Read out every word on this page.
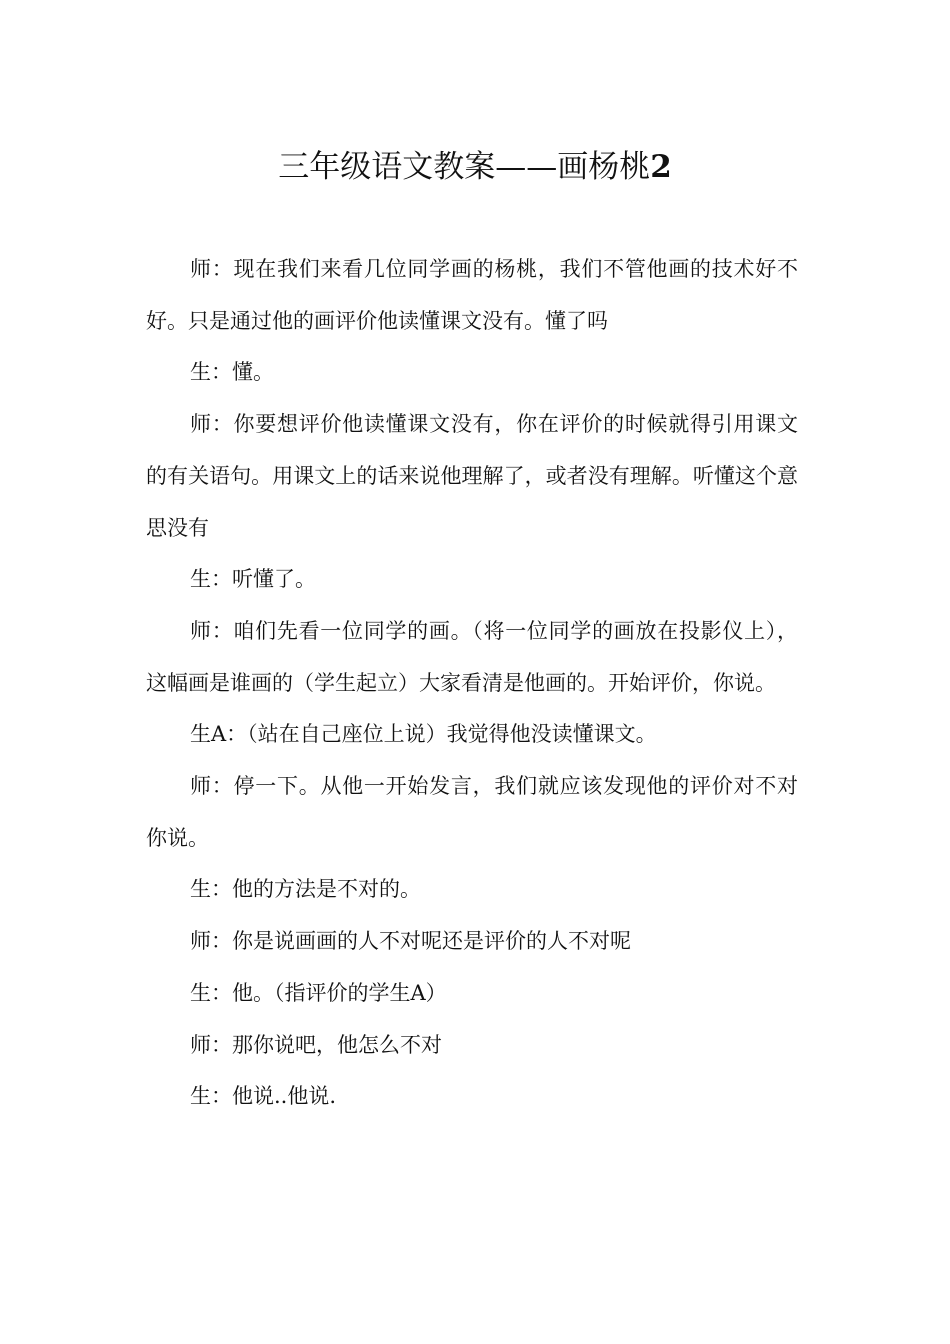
三年级语文教案——画杨桃2

师：现在我们来看几位同学画的杨桃，我们不管他画的技术好不好。只是通过他的画评价他读懂课文没有。懂了吗

生：懂。

师：你要想评价他读懂课文没有，你在评价的时候就得引用课文的有关语句。用课文上的话来说他理解了，或者没有理解。听懂这个意思没有

生：听懂了。

师：咱们先看一位同学的画。（将一位同学的画放在投影仪上），这幅画是谁画的（学生起立）大家看清是他画的。开始评价，你说。

生A：（站在自己座位上说）我觉得他没读懂课文。

师：停一下。从他一开始发言，我们就应该发现他的评价对不对你说。

生：他的方法是不对的。

师：你是说画画的人不对呢还是评价的人不对呢

生：他。（指评价的学生A）

师：那你说吧，他怎么不对

生：他说..他说.
